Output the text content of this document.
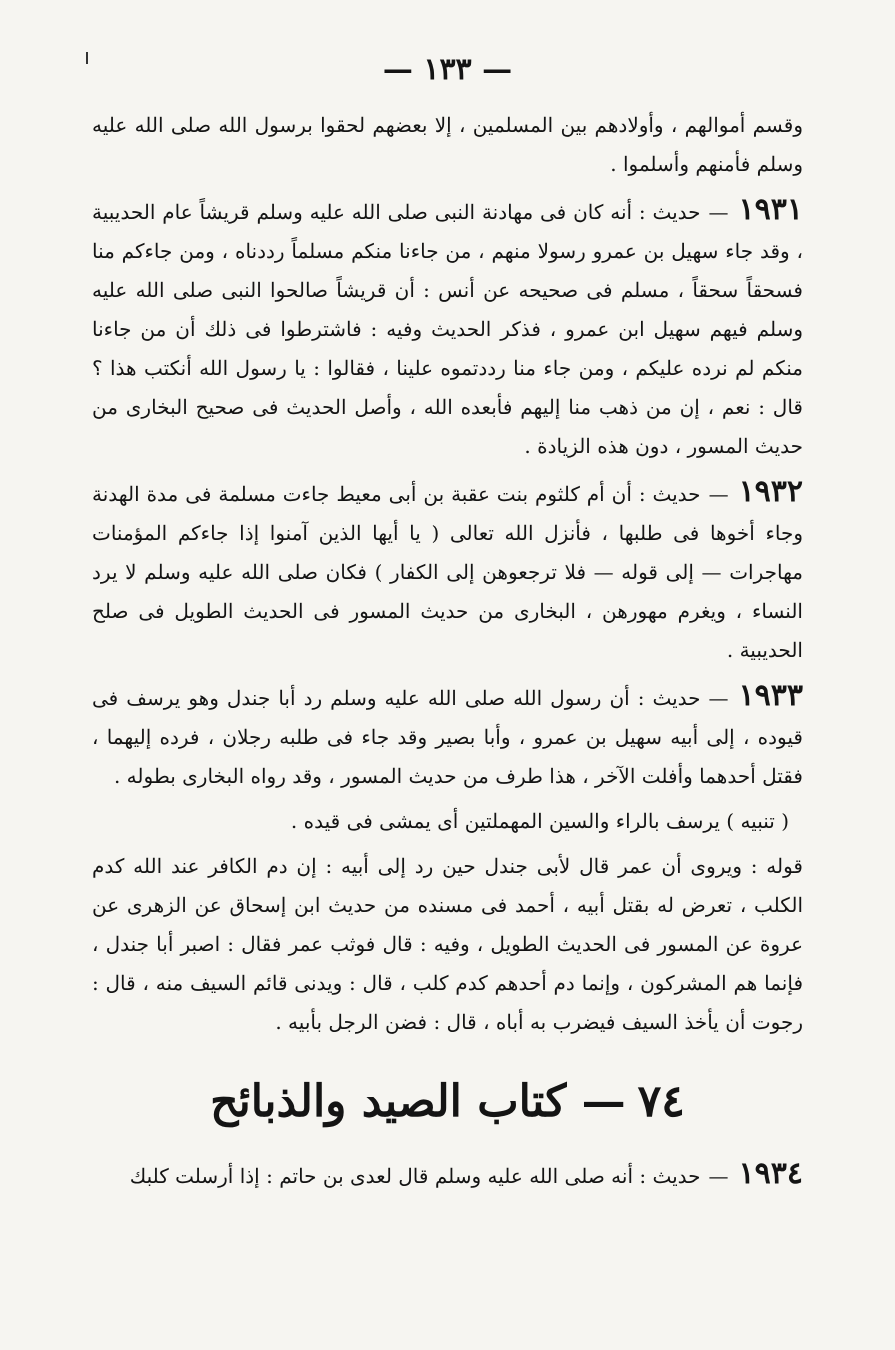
— ١٣٣ —

وقسم أموالهم ، وأولادهم بين المسلمين ، إلا بعضهم لحقوا برسول الله صلى الله عليه وسلم فأمنهم وأسلموا .

١٩٣١—حديث : أنه كان فى مهادنة النبى صلى الله عليه وسلم قريشاً عام الحديبية ، وقد جاء سهيل بن عمرو رسولا منهم ، من جاءنا منكم مسلماً رددناه ، ومن جاءكم منا فسحقاً سحقاً ، مسلم فى صحيحه عن أنس : أن قريشاً صالحوا النبى صلى الله عليه وسلم فيهم سهيل ابن عمرو ، فذكر الحديث وفيه : فاشترطوا فى ذلك أن من جاءنا منكم لم نرده عليكم ، ومن جاء منا رددتموه علينا ، فقالوا : يا رسول الله أنكتب هذا ؟ قال : نعم ، إن من ذهب منا إليهم فأبعده الله ، وأصل الحديث فى صحيح البخارى من حديث المسور ، دون هذه الزيادة .

١٩٣٢—حديث : أن أم كلثوم بنت عقبة بن أبى معيط جاءت مسلمة فى مدة الهدنة وجاء أخوها فى طلبها ، فأنزل الله تعالى ( يا أيها الذين آمنوا إذا جاءكم المؤمنات مهاجرات — إلى قوله — فلا ترجعوهن إلى الكفار ) فكان صلى الله عليه وسلم لا يرد النساء ، ويغرم مهورهن ، البخارى من حديث المسور فى الحديث الطويل فى صلح الحديبية .

١٩٣٣—حديث : أن رسول الله صلى الله عليه وسلم رد أبا جندل وهو يرسف فى قيوده ، إلى أبيه سهيل بن عمرو ، وأبا بصير وقد جاء فى طلبه رجلان ، فرده إليهما ، فقتل أحدهما وأفلت الآخر ، هذا طرف من حديث المسور ، وقد رواه البخارى بطوله .

( تنبيه ) يرسف بالراء والسين المهملتين أى يمشى فى قيده .

قوله : ويروى أن عمر قال لأبى جندل حين رد إلى أبيه : إن دم الكافر عند الله كدم الكلب ، تعرض له بقتل أبيه ، أحمد فى مسنده من حديث ابن إسحاق عن الزهرى عن عروة عن المسور فى الحديث الطويل ، وفيه : قال فوثب عمر فقال : اصبر أبا جندل ، فإنما هم المشركون ، وإنما دم أحدهم كدم كلب ، قال : ويدنى قائم السيف منه ، قال : رجوت أن يأخذ السيف فيضرب به أباه ، قال : فضن الرجل بأبيه .

٧٤— كتاب الصيد والذبائح

١٩٣٤—حديث : أنه صلى الله عليه وسلم قال لعدى بن حاتم : إذا أرسلت كلبك
